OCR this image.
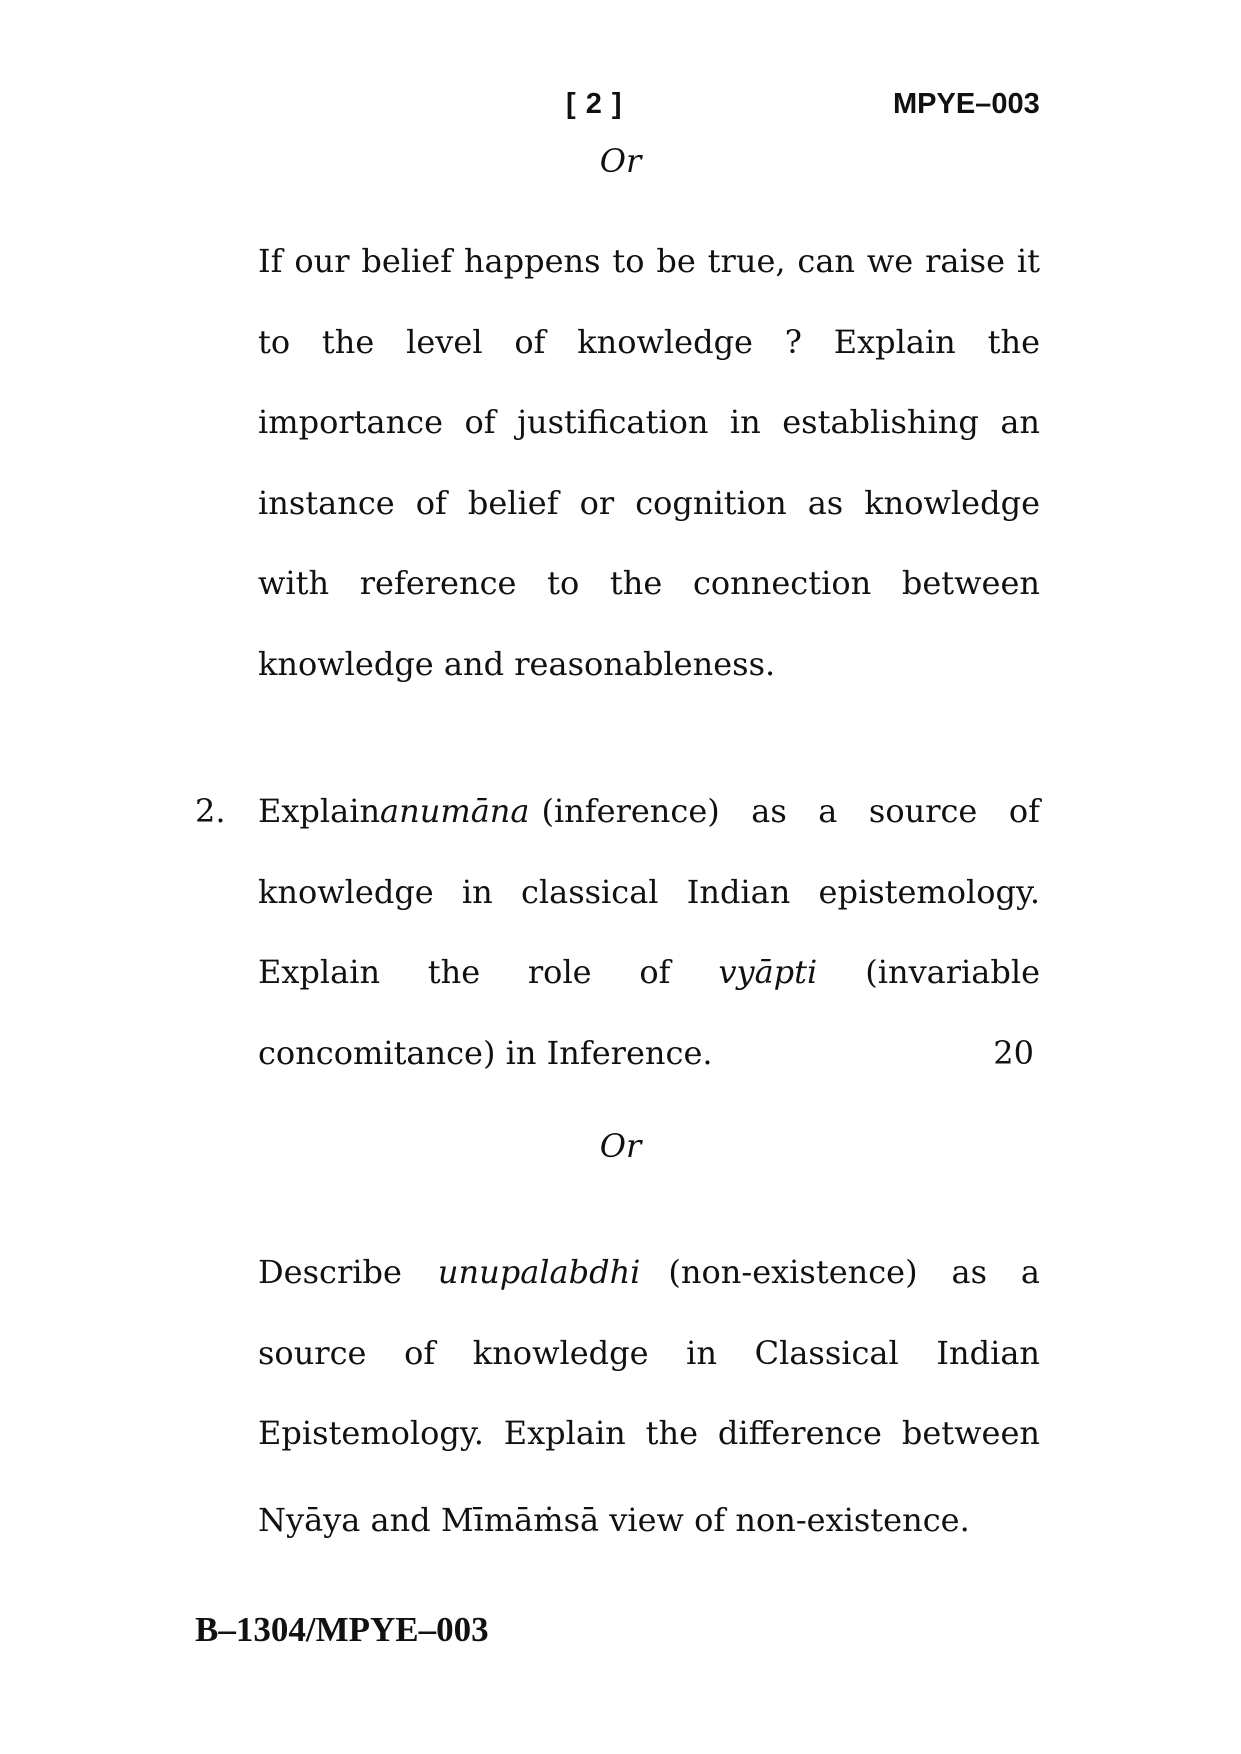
[ 2 ]	MPYE–003
Or
If our belief happens to be true, can we raise it
to the level of knowledge ? Explain the
importance of justification in establishing an
instance of belief or cognition as knowledge
with reference to the connection between
knowledge and reasonableness.
2. Explain anumāna (inference) as a source of
knowledge in classical Indian epistemology.
Explain the role of vyāpti (invariable
concomitance) in Inference.	20
Or
Describe unupalabdhi (non-existence) as a
source of knowledge in Classical Indian
Epistemology. Explain the difference between
Nyāya and Mīmāṁsā view of non-existence.
B–1304/MPYE–003
